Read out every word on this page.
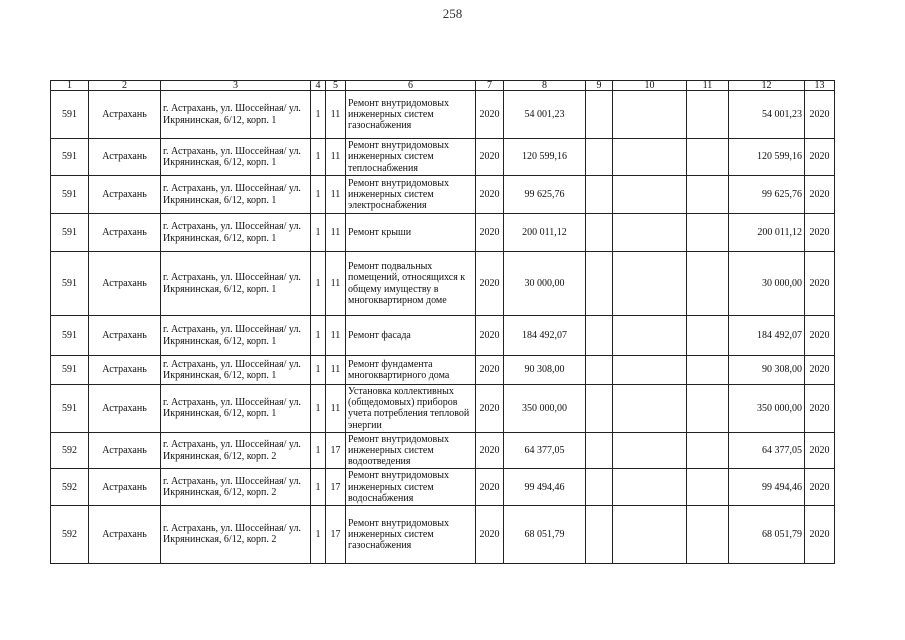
258
1	2	3	4	5	6	7	8	9	10	11	12	13
591	Астрахань	г. Астрахань, ул. Шоссейная/ ул. Икрянинская, 6/12, корп. 1	1	11	Ремонт внутридомовых инженерных систем газоснабжения	2020	54 001,23				54 001,23	2020
591	Астрахань	г. Астрахань, ул. Шоссейная/ ул. Икрянинская, 6/12, корп. 1	1	11	Ремонт внутридомовых инженерных систем теплоснабжения	2020	120 599,16				120 599,16	2020
591	Астрахань	г. Астрахань, ул. Шоссейная/ ул. Икрянинская, 6/12, корп. 1	1	11	Ремонт внутридомовых инженерных систем электроснабжения	2020	99 625,76				99 625,76	2020
591	Астрахань	г. Астрахань, ул. Шоссейная/ ул. Икрянинская, 6/12, корп. 1	1	11	Ремонт крыши	2020	200 011,12				200 011,12	2020
591	Астрахань	г. Астрахань, ул. Шоссейная/ ул. Икрянинская, 6/12, корп. 1	1	11	Ремонт подвальных помещений, относящихся к общему имуществу в многоквартирном доме	2020	30 000,00				30 000,00	2020
591	Астрахань	г. Астрахань, ул. Шоссейная/ ул. Икрянинская, 6/12, корп. 1	1	11	Ремонт фасада	2020	184 492,07				184 492,07	2020
591	Астрахань	г. Астрахань, ул. Шоссейная/ ул. Икрянинская, 6/12, корп. 1	1	11	Ремонт фундамента многоквартирного дома	2020	90 308,00				90 308,00	2020
591	Астрахань	г. Астрахань, ул. Шоссейная/ ул. Икрянинская, 6/12, корп. 1	1	11	Установка коллективных (общедомовых) приборов учета потребления тепловой энергии	2020	350 000,00				350 000,00	2020
592	Астрахань	г. Астрахань, ул. Шоссейная/ ул. Икрянинская, 6/12, корп. 2	1	17	Ремонт внутридомовых инженерных систем водоотведения	2020	64 377,05				64 377,05	2020
592	Астрахань	г. Астрахань, ул. Шоссейная/ ул. Икрянинская, 6/12, корп. 2	1	17	Ремонт внутридомовых инженерных систем водоснабжения	2020	99 494,46				99 494,46	2020
592	Астрахань	г. Астрахань, ул. Шоссейная/ ул. Икрянинская, 6/12, корп. 2	1	17	Ремонт внутридомовых инженерных систем газоснабжения	2020	68 051,79				68 051,79	2020
